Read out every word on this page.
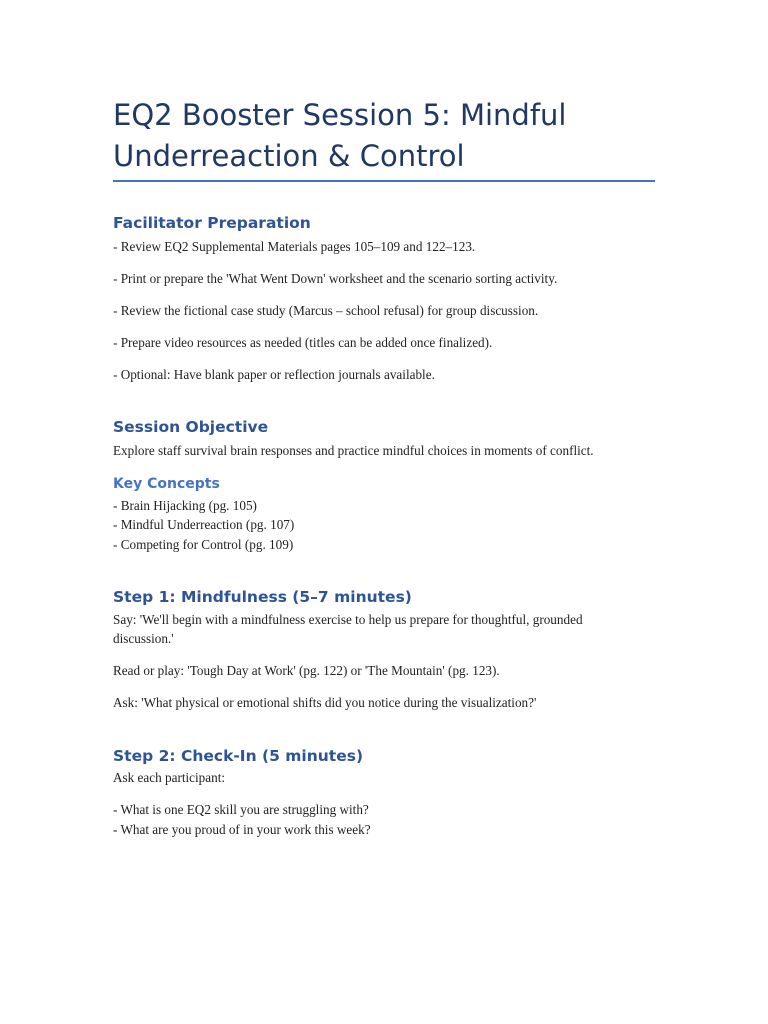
EQ2 Booster Session 5: Mindful
Underreaction & Control
Facilitator Preparation

- Review EQ2 Supplemental Materials pages 105–109 and 122–123.

- Print or prepare the 'What Went Down' worksheet and the scenario sorting activity.

- Review the fictional case study (Marcus – school refusal) for group discussion.

- Prepare video resources as needed (titles can be added once finalized).

- Optional: Have blank paper or reflection journals available.

Session Objective

Explore staff survival brain responses and practice mindful choices in moments of conflict.

Key Concepts

- Brain Hijacking (pg. 105)

- Mindful Underreaction (pg. 107)

- Competing for Control (pg. 109)

Step 1: Mindfulness (5–7 minutes)

Say: 'We'll begin with a mindfulness exercise to help us prepare for thoughtful, grounded

discussion.'

Read or play: 'Tough Day at Work' (pg. 122) or 'The Mountain' (pg. 123).

Ask: 'What physical or emotional shifts did you notice during the visualization?'

Step 2: Check-In (5 minutes)

Ask each participant:

- What is one EQ2 skill you are struggling with?

- What are you proud of in your work this week?
